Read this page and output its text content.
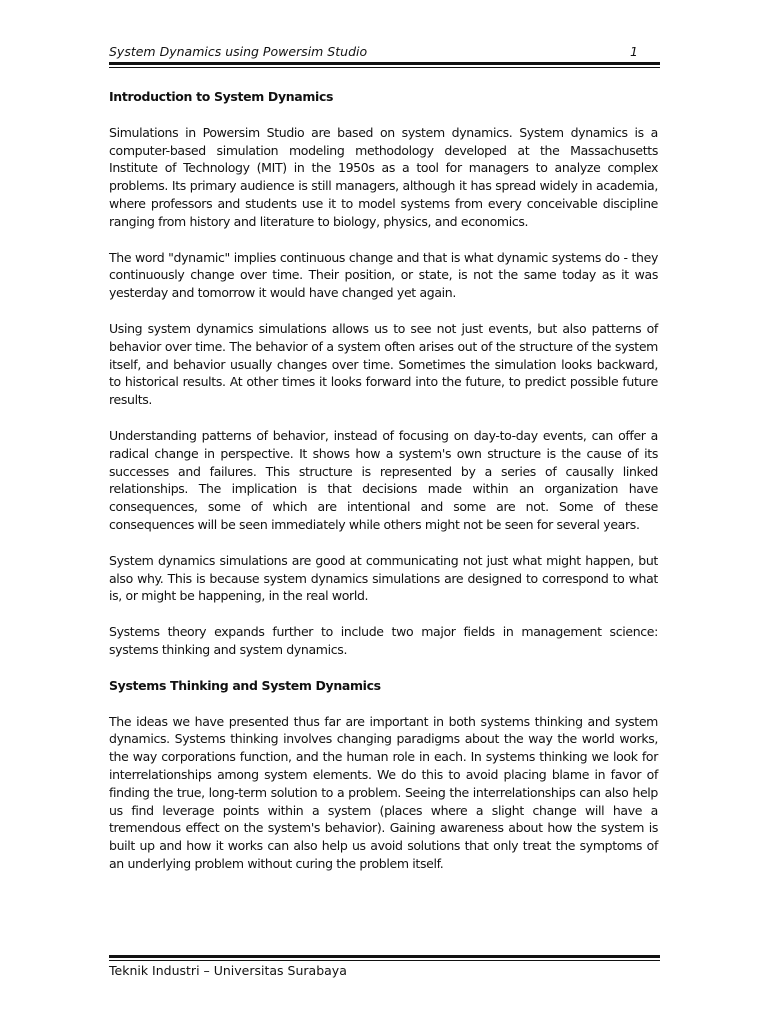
System Dynamics using Powersim Studio	1
Introduction to System Dynamics

Simulations in Powersim Studio are based on system dynamics. System dynamics is a computer-based simulation modeling methodology developed at the Massachusetts Institute of Technology (MIT) in the 1950s as a tool for managers to analyze complex problems. Its primary audience is still managers, although it has spread widely in academia, where professors and students use it to model systems from every conceivable discipline ranging from history and literature to biology, physics, and economics.

The word "dynamic" implies continuous change and that is what dynamic systems do - they continuously change over time. Their position, or state, is not the same today as it was yesterday and tomorrow it would have changed yet again.

Using system dynamics simulations allows us to see not just events, but also patterns of behavior over time. The behavior of a system often arises out of the structure of the system itself, and behavior usually changes over time. Sometimes the simulation looks backward, to historical results. At other times it looks forward into the future, to predict possible future results.

Understanding patterns of behavior, instead of focusing on day-to-day events, can offer a radical change in perspective. It shows how a system's own structure is the cause of its successes and failures. This structure is represented by a series of causally linked relationships. The implication is that decisions made within an organization have consequences, some of which are intentional and some are not. Some of these consequences will be seen immediately while others might not be seen for several years.

System dynamics simulations are good at communicating not just what might happen, but also why. This is because system dynamics simulations are designed to correspond to what is, or might be happening, in the real world.

Systems theory expands further to include two major fields in management science: systems thinking and system dynamics.

Systems Thinking and System Dynamics

The ideas we have presented thus far are important in both systems thinking and system dynamics. Systems thinking involves changing paradigms about the way the world works, the way corporations function, and the human role in each. In systems thinking we look for interrelationships among system elements. We do this to avoid placing blame in favor of finding the true, long-term solution to a problem. Seeing the interrelationships can also help us find leverage points within a system (places where a slight change will have a tremendous effect on the system's behavior). Gaining awareness about how the system is built up and how it works can also help us avoid solutions that only treat the symptoms of an underlying problem without curing the problem itself.

Teknik Industri – Universitas Surabaya
